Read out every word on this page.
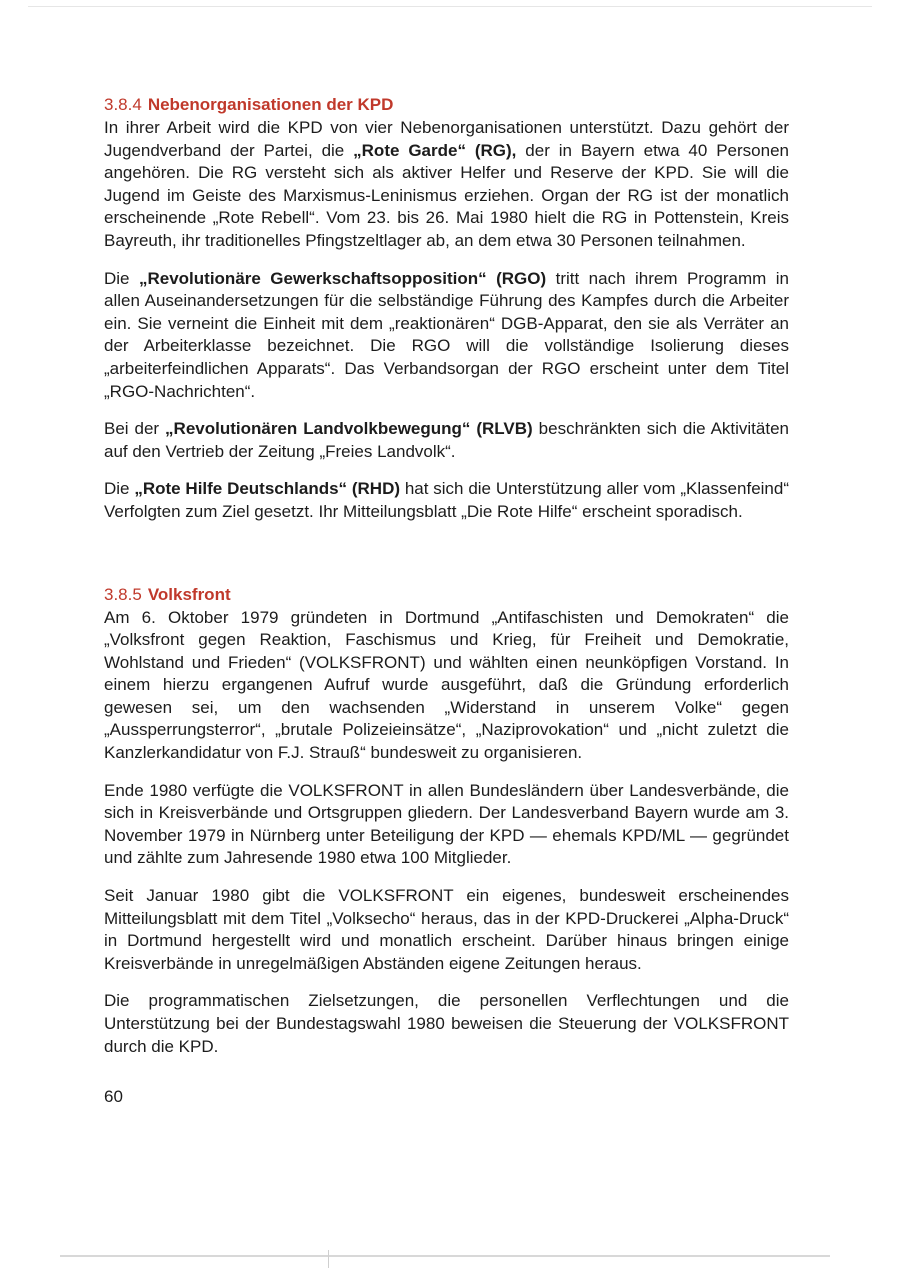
3.8.4 Nebenorganisationen der KPD

In ihrer Arbeit wird die KPD von vier Nebenorganisationen unterstützt. Dazu gehört der Jugendverband der Partei, die „Rote Garde“ (RG), der in Bayern etwa 40 Personen angehören. Die RG versteht sich als aktiver Helfer und Reserve der KPD. Sie will die Jugend im Geiste des Marxismus-Leninismus erziehen. Organ der RG ist der monatlich erscheinende „Rote Rebell“. Vom 23. bis 26. Mai 1980 hielt die RG in Pottenstein, Kreis Bayreuth, ihr traditionelles Pfingstzeltlager ab, an dem etwa 30 Personen teilnahmen.

Die „Revolutionäre Gewerkschaftsopposition“ (RGO) tritt nach ihrem Programm in allen Auseinandersetzungen für die selbständige Führung des Kampfes durch die Arbeiter ein. Sie verneint die Einheit mit dem „reaktionären“ DGB-Apparat, den sie als Verräter an der Arbeiterklasse bezeichnet. Die RGO will die vollständige Isolierung dieses „arbeiterfeindlichen Apparats“. Das Verbandsorgan der RGO erscheint unter dem Titel „RGO-Nachrichten“.

Bei der „Revolutionären Landvolkbewegung“ (RLVB) beschränkten sich die Aktivitäten auf den Vertrieb der Zeitung „Freies Landvolk“.

Die „Rote Hilfe Deutschlands“ (RHD) hat sich die Unterstützung aller vom „Klassenfeind“ Verfolgten zum Ziel gesetzt. Ihr Mitteilungsblatt „Die Rote Hilfe“ erscheint sporadisch.

3.8.5 Volksfront

Am 6. Oktober 1979 gründeten in Dortmund „Antifaschisten und Demokraten“ die „Volksfront gegen Reaktion, Faschismus und Krieg, für Freiheit und Demokratie, Wohlstand und Frieden“ (VOLKSFRONT) und wählten einen neunköpfigen Vorstand. In einem hierzu ergangenen Aufruf wurde ausgeführt, daß die Gründung erforderlich gewesen sei, um den wachsenden „Widerstand in unserem Volke“ gegen „Aussperrungsterror“, „brutale Polizeieinsätze“, „Naziprovokation“ und „nicht zuletzt die Kanzlerkandidatur von F.J. Strauß“ bundesweit zu organisieren.

Ende 1980 verfügte die VOLKSFRONT in allen Bundesländern über Landesverbände, die sich in Kreisverbände und Ortsgruppen gliedern. Der Landesverband Bayern wurde am 3. November 1979 in Nürnberg unter Beteiligung der KPD — ehemals KPD/ML — gegründet und zählte zum Jahresende 1980 etwa 100 Mitglieder.

Seit Januar 1980 gibt die VOLKSFRONT ein eigenes, bundesweit erscheinendes Mitteilungsblatt mit dem Titel „Volksecho“ heraus, das in der KPD-Druckerei „Alpha-Druck“ in Dortmund hergestellt wird und monatlich erscheint. Darüber hinaus bringen einige Kreisverbände in unregelmäßigen Abständen eigene Zeitungen heraus.

Die programmatischen Zielsetzungen, die personellen Verflechtungen und die Unterstützung bei der Bundestagswahl 1980 beweisen die Steuerung der VOLKSFRONT durch die KPD.

60
